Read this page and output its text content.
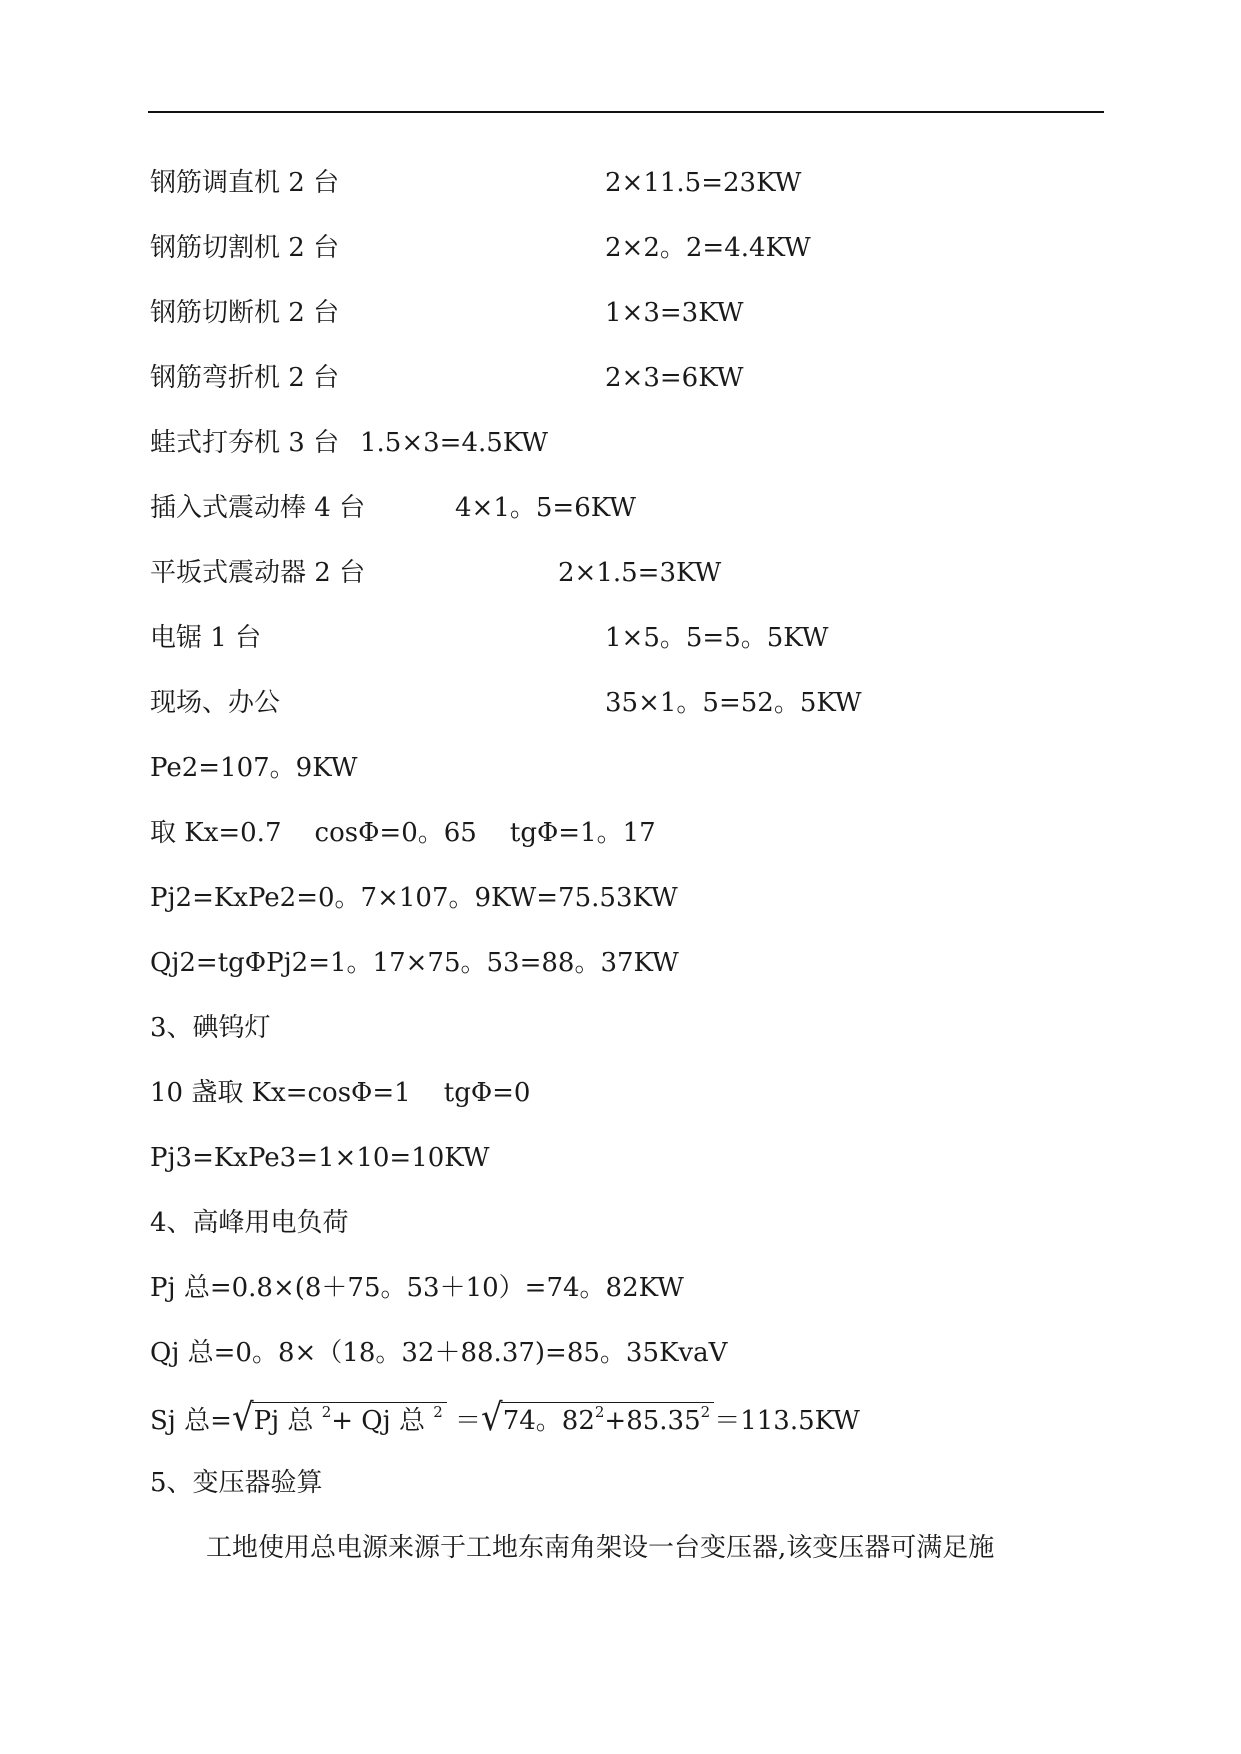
钢筋调直机 2 台	2×11.5=23KW
钢筋切割机 2 台	2×2。2=4.4KW
钢筋切断机 2 台	1×3=3KW
钢筋弯折机 2 台	2×3=6KW
蛙式打夯机 3 台 1.5×3=4.5KW
插入式震动棒 4 台	4×1。5=6KW
平坂式震动器 2 台	2×1.5=3KW
电锯 1 台	1×5。5=5。5KW
现场、办公	35×1。5=52。5KW
Pe2=107。9KW
取 Kx=0.7    cosΦ=0。65    tgΦ=1。17
Pj2=KxPe2=0。7×107。9KW=75.53KW
Qj2=tgΦPj2=1。17×75。53=88。37KW
3、碘钨灯
10 盏取 Kx=cosΦ=1    tgΦ=0
Pj3=KxPe3=1×10=10KW
4、高峰用电负荷
Pj 总=0.8×(8＋75。53＋10）=74。82KW
Qj 总=0。8×（18。32＋88.37)=85。35KvaV
Sj 总=√Pj 总 $^2$+ Qj 总 $^2$ ＝√74。$82^2+85.35^2 =113.5KW$
5、变压器验算
工地使用总电源来源于工地东南角架设一台变压器,该变压器可满足施
